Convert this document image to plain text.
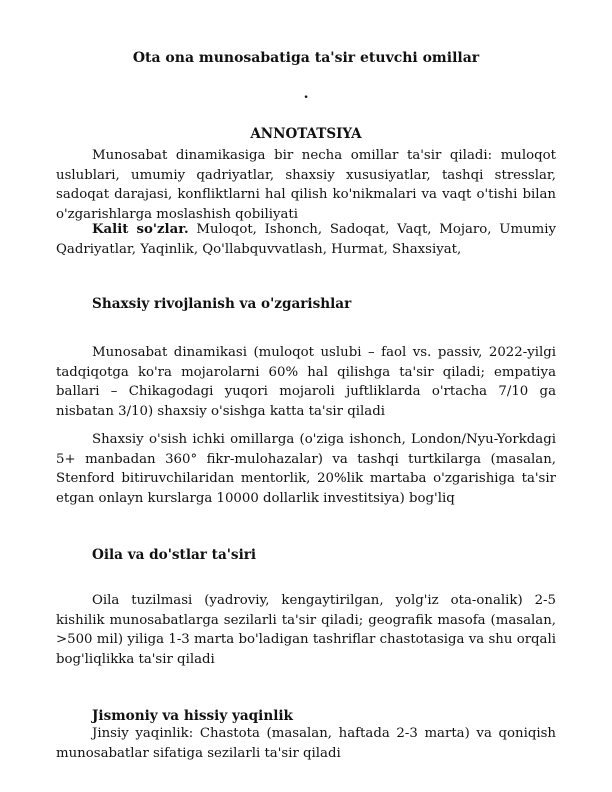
Ota ona munosabatiga ta'sir etuvchi omillar
.
ANNOTATSIYA
Munosabat dinamikasiga bir necha omillar ta'sir qiladi: muloqot uslublari, umumiy qadriyatlar, shaxsiy xususiyatlar, tashqi stresslar, sadoqat darajasi, konfliktlarni hal qilish ko'nikmalari va vaqt o'tishi bilan o'zgarishlarga moslashish qobiliyati
Kalit so'zlar. Muloqot, Ishonch, Sadoqat, Vaqt, Mojaro, Umumiy Qadriyatlar, Yaqinlik, Qo'llabquvvatlash, Hurmat, Shaxsiyat,
Shaxsiy rivojlanish va o'zgarishlar
Munosabat dinamikasi (muloqot uslubi – faol vs. passiv, 2022-yilgi tadqiqotga ko'ra mojarolarni 60% hal qilishga ta'sir qiladi; empatiya ballari – Chikagodagi yuqori mojaroli juftliklarda o'rtacha 7/10 ga nisbatan 3/10) shaxsiy o'sishga katta ta'sir qiladi
Shaxsiy o'sish ichki omillarga (o'ziga ishonch, London/Nyu-Yorkdagi 5+ manbadan 360° fikr-mulohazalar) va tashqi turtkilarga (masalan, Stenford bitiruvchilaridan mentorlik, 20%lik martaba o'zgarishiga ta'sir etgan onlayn kurslarga 10000 dollarlik investitsiya) bog'liq
Oila va do'stlar ta'siri
Oila tuzilmasi (yadroviy, kengaytirilgan, yolg'iz ota-onalik) 2-5 kishilik munosabatlarga sezilarli ta'sir qiladi; geografik masofa (masalan, >500 mil) yiliga 1-3 marta bo'ladigan tashriflar chastotasiga va shu orqali bog'liqlikka ta'sir qiladi
Jismoniy va hissiy yaqinlik
Jinsiy yaqinlik: Chastota (masalan, haftada 2-3 marta) va qoniqish munosabatlar sifatiga sezilarli ta'sir qiladi
